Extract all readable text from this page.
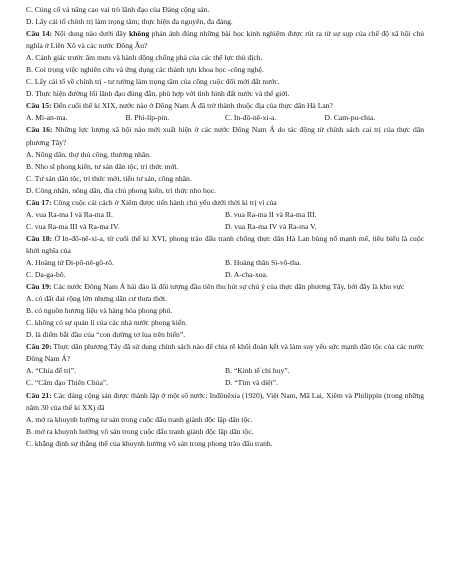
C. Củng cố và nâng cao vai trò lãnh đạo của Đảng cộng sản.
D. Lấy cải tổ chính trị làm trọng tâm; thực hiện đa nguyên, đa đảng.
Câu 14: Nội dung nào dưới đây không phản ánh đúng những bài học kinh nghiệm được rút ra từ sự sụp của chế độ xã hội chủ nghĩa ở Liên Xô và các nước Đông Âu?
A. Cảnh giác trước âm mưu và hành động chống phá của các thế lực thù địch.
B. Coi trọng việc nghiên cứu và ứng dụng các thành tựu khoa học -công nghệ.
C. Lấy cải tổ về chính trị - tư tưởng làm trọng tâm của công cuộc đổi mới đất nước.
D. Thực hiện đường lối lãnh đạo đúng đắn, phù hợp với tình hình đất nước và thế giới.
Câu 15: Đến cuối thế kỉ XIX, nước nào ở Đông Nam Á đã trở thành thuộc địa của thực dân Hà Lan?
A. Mi-an-ma.	B. Phi-líp-pin.	C. In-đô-nê-xi-a.	D. Cam-pu-chia.
Câu 16: Những lực lượng xã hội nào mới xuất hiện ở các nước Đông Nam Á do tác động từ chính sách cai trị của thực dân phương Tây?
A. Nông dân, thợ thủ công, thương nhân.
B. Nho sĩ phong kiến, tư sản dân tộc, trí thức mới.
C. Tư sản dân tộc, trí thức mới, tiểu tư sản, công nhân.
D. Công nhân, nông dân, địa chủ phong kiến, trí thức nho học.
Câu 17: Công cuộc cải cách ở Xiêm được tiến hành chủ yếu dưới thời kì trị vì của
A. vua Ra-ma I và Ra-ma II.	B. vua Ra-ma II và Ra-ma III.
C. vua Ra-ma III và Ra-ma IV.	D. vua Ra-ma IV và Ra-ma V.
Câu 18: Ở In-đô-nê-xi-a, từ cuối thế kỉ XVI, phong trào đấu tranh chống thực dân Hà Lan bùng nổ mạnh mẽ, tiêu biểu là cuộc khởi nghĩa của
A. Hoàng tử Đi-pô-nê-gô-rô.	B. Hoàng thân Si-vô-tha.
C. Da-ga-bô.	D. A-cha-xoa.
Câu 19: Các nước Đông Nam Á hải đảo là đối tượng đầu tiên thu hút sự chú ý của thực dân phương Tây, bởi đây là khu vực
A. có đất đai rộng lớn nhưng dân cư thưa thớt.
B. có nguồn hương liệu và hàng hóa phong phú.
C. không có sự quản lí của các nhà nước phong kiến.
D. là điểm bắt đầu của “con đường tơ lụa trên biển”.
Câu 20: Thực dân phương Tây đã sử dụng chính sách nào để chia rẽ khối đoàn kết và làm suy yếu sức mạnh dân tộc của các nước Đông Nam Á?
A. “Chia để trị”.	B. “Kinh tế chỉ huy”.
C. “Cấm đạo Thiên Chúa”.	D. “Tìm và diệt”.
Câu 21: Các đảng cộng sản được thành lập ở một số nước: Inđônêxia (1920), Việt Nam, Mã Lai, Xiêm và Philippin (trong những năm 30 của thế kỉ XX) đã
A. mở ra khuynh hướng tư sản trong cuộc đấu tranh giành độc lập dân tộc.
B. mở ra khuynh hướng vô sản trong cuộc đấu tranh giành độc lập dân tộc.
C. khẳng định sự thắng thế của khuynh hướng vô sản trong phong trào đấu tranh.
